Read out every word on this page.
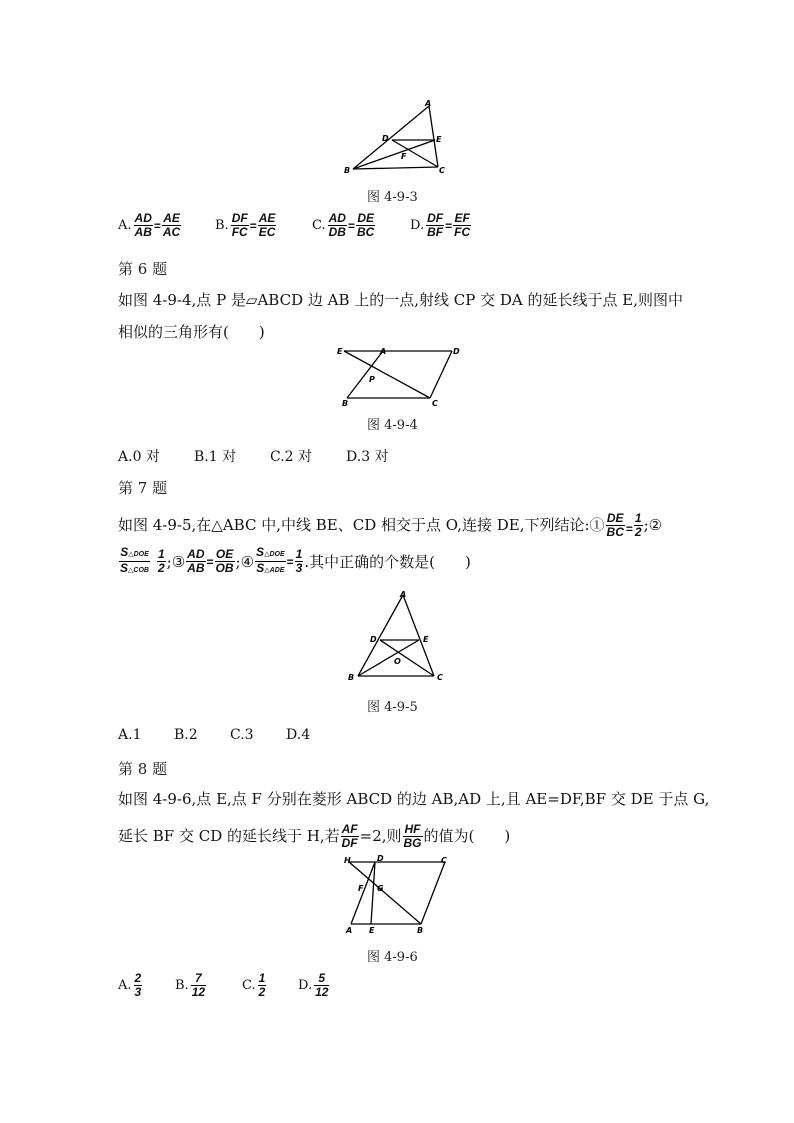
A
D	E
F
B	C
图 4-9-3
A. $\frac{AD}{AB} = \frac{AE}{AC}$	B. $\frac{DF}{FC} = \frac{AE}{EC}$	C. $\frac{AD}{DB} = \frac{DE}{BC}$	D. $\frac{DF}{BF} = \frac{EF}{FC}$
第 6 题
如图 4-9-4,点 P 是▱ABCD 边 AB 上的一点,射线 CP 交 DA 的延长线于点 E,则图中
相似的三角形有(　　)
E	A	D
P
B	C
图 4-9-4
A.0 对 B.1 对 C.2 对 D.3 对
第 7 题
如图 4-9-5,在△ABC 中,中线 BE、CD 相交于点 O,连接 DE,下列结论:① $\frac{DE}{BC} = \frac{1}{2}$ ;②
$\frac{\text{S△DOE}}{\text{S△COB}} \frac{1}{2}$ ;③ $\frac{AD}{AB} = \frac{OE}{OB}$ ;④ $\frac{\text{S△DOE}}{\text{S△ADE}} = \frac{1}{3}$ .其中正确的个数是(　　)
A
D	E
O
B	C
图 4-9-5
A.1 B.2 C.3 D.4
第 8 题
如图 4-9-6,点 E,点 F 分别在菱形 ABCD 的边 AB,AD 上,且 AE=DF,BF 交 DE 于点 G,
延长 BF 交 CD 的延长线于 H,若 $\frac{AF}{DF} =2$,则 $\frac{HF}{BG}$ 的值为(　　)
H	D	C
F G
A E	B
图 4-9-6
A. $\frac{2}{3}$	B. $\frac{7}{12}$	C. $\frac{1}{2} D$. $\frac{5}{12}$
